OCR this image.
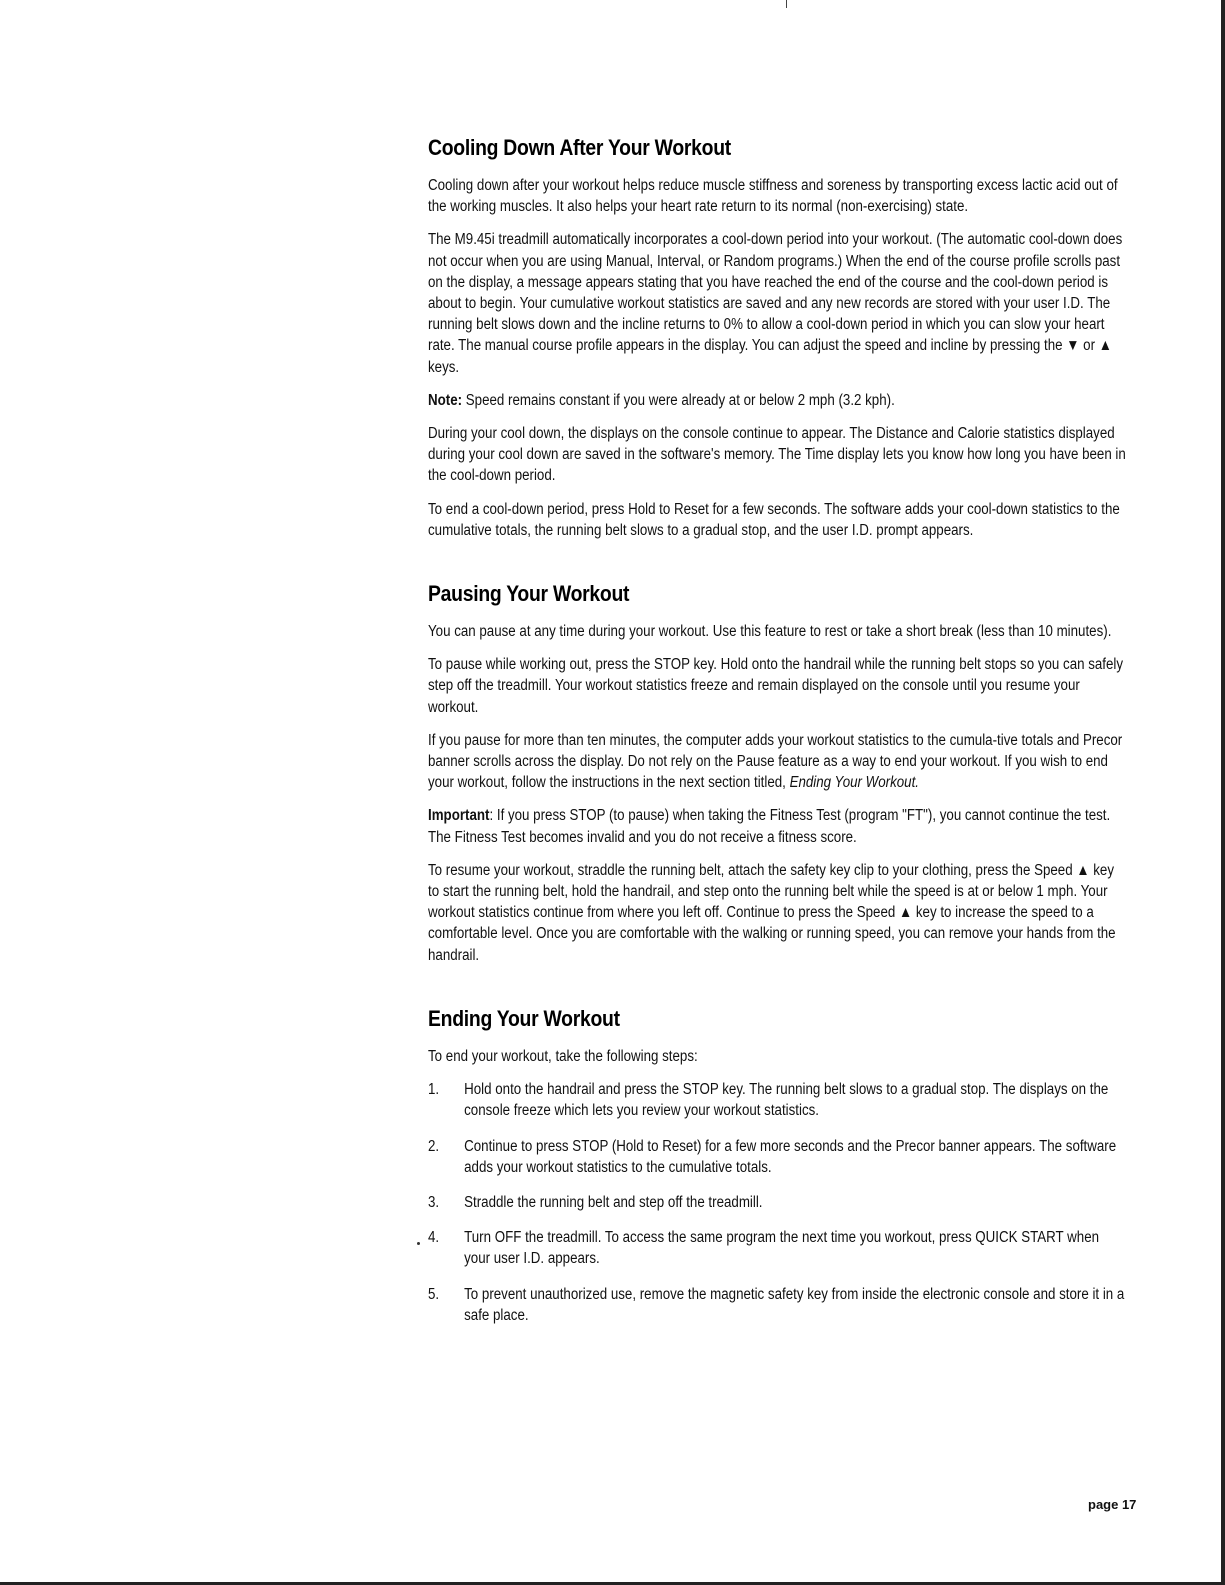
Cooling Down After Your Workout

Cooling down after your workout helps reduce muscle stiffness and soreness by transporting excess lactic acid out of the working muscles. It also helps your heart rate return to its normal (non-exercising) state.

The M9.45i treadmill automatically incorporates a cool-down period into your workout. (The automatic cool-down does not occur when you are using Manual, Interval, or Random programs.) When the end of the course profile scrolls past on the display, a message appears stating that you have reached the end of the course and the cool-down period is about to begin. Your cumulative workout statistics are saved and any new records are stored with your user I.D. The running belt slows down and the incline returns to 0% to allow a cool-down period in which you can slow your heart rate. The manual course profile appears in the display. You can adjust the speed and incline by pressing the ▼ or ▲ keys.

Note: Speed remains constant if you were already at or below 2 mph (3.2 kph).

During your cool down, the displays on the console continue to appear. The Distance and Calorie statistics displayed during your cool down are saved in the software's memory. The Time display lets you know how long you have been in the cool-down period.

To end a cool-down period, press Hold to Reset for a few seconds. The software adds your cool-down statistics to the cumulative totals, the running belt slows to a gradual stop, and the user I.D. prompt appears.

Pausing Your Workout

You can pause at any time during your workout. Use this feature to rest or take a short break (less than 10 minutes).

To pause while working out, press the STOP key. Hold onto the handrail while the running belt stops so you can safely step off the treadmill. Your workout statistics freeze and remain displayed on the console until you resume your workout.

If you pause for more than ten minutes, the computer adds your workout statistics to the cumula-tive totals and Precor banner scrolls across the display. Do not rely on the Pause feature as a way to end your workout. If you wish to end your workout, follow the instructions in the next section titled, Ending Your Workout.

Important: If you press STOP (to pause) when taking the Fitness Test (program "FT"), you cannot continue the test. The Fitness Test becomes invalid and you do not receive a fitness score.

To resume your workout, straddle the running belt, attach the safety key clip to your clothing, press the Speed ▲ key to start the running belt, hold the handrail, and step onto the running belt while the speed is at or below 1 mph. Your workout statistics continue from where you left off. Continue to press the Speed ▲ key to increase the speed to a comfortable level. Once you are comfortable with the walking or running speed, you can remove your hands from the handrail.

Ending Your Workout

To end your workout, take the following steps:

1.	Hold onto the handrail and press the STOP key. The running belt slows to a gradual stop. The displays on the console freeze which lets you review your workout statistics.
2.	Continue to press STOP (Hold to Reset) for a few more seconds and the Precor banner appears. The software adds your workout statistics to the cumulative totals.
3.	Straddle the running belt and step off the treadmill.
4.	Turn OFF the treadmill. To access the same program the next time you workout, press QUICK START when your user I.D. appears.
5.	To prevent unauthorized use, remove the magnetic safety key from inside the electronic console and store it in a safe place.
page 17
